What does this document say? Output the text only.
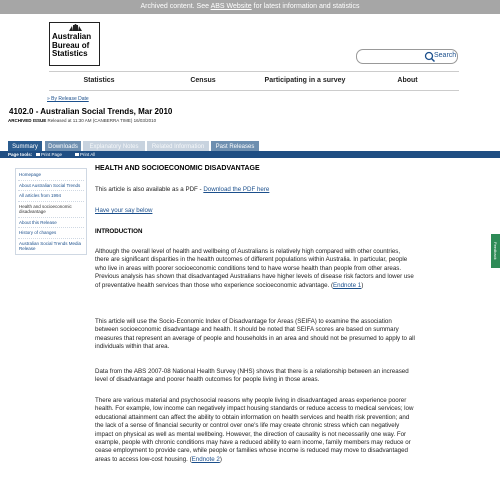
Archived content. See ABS Website for latest information and statistics
Australian Bureau of Statistics	Search
Statistics	Census	Participating in a survey	About
» By Release Date
4102.0 - Australian Social Trends, Mar 2010
ARCHIVED ISSUE Released at 11:30 AM (CANBERRA TIME) 16/03/2010
Summary	Downloads	Explanatory Notes	Related Information	Past Releases
Page tools:	Print Page	Print All
Homepage
About Australian Social Trends
All articles from 1994
Health and socioeconomic disadvantage
About this Release
History of changes
Australian Social Trends Media Release
HEALTH AND SOCIOECONOMIC DISADVANTAGE

This article is also available as a PDF - Download the PDF here

Have your say below

INTRODUCTION

Although the overall level of health and wellbeing of Australians is relatively high compared with other countries, there are significant disparities in the health outcomes of different populations within Australia. In particular, people who live in areas with poorer socioeconomic conditions tend to have worse health than people from other areas. Previous analysis has shown that disadvantaged Australians have higher levels of disease risk factors and lower use of preventative health services than those who experience socioeconomic advantage. (Endnote 1)

This article will use the Socio-Economic Index of Disadvantage for Areas (SEIFA) to examine the association between socioeconomic disadvantage and health. It should be noted that SEIFA scores are based on summary measures that represent an average of people and households in an area and should not be presumed to apply to all individuals within that area.

Data from the ABS 2007-08 National Health Survey (NHS) shows that there is a relationship between an increased level of disadvantage and poorer health outcomes for people living in those areas.

There are various material and psychosocial reasons why people living in disadvantaged areas experience poorer health. For example, low income can negatively impact housing standards or reduce access to medical services; low educational attainment can affect the ability to obtain information on health services and health risk prevention; and the lack of a sense of financial security or control over one's life may create chronic stress which can negatively impact on physical as well as mental wellbeing. However, the direction of causality is not necessarily one way. For example, people with chronic conditions may have a reduced ability to earn income, family members may reduce or cease employment to provide care, while people or families whose income is reduced may move to disadvantaged areas to access low-cost housing. (Endnote 2)

Feedback
